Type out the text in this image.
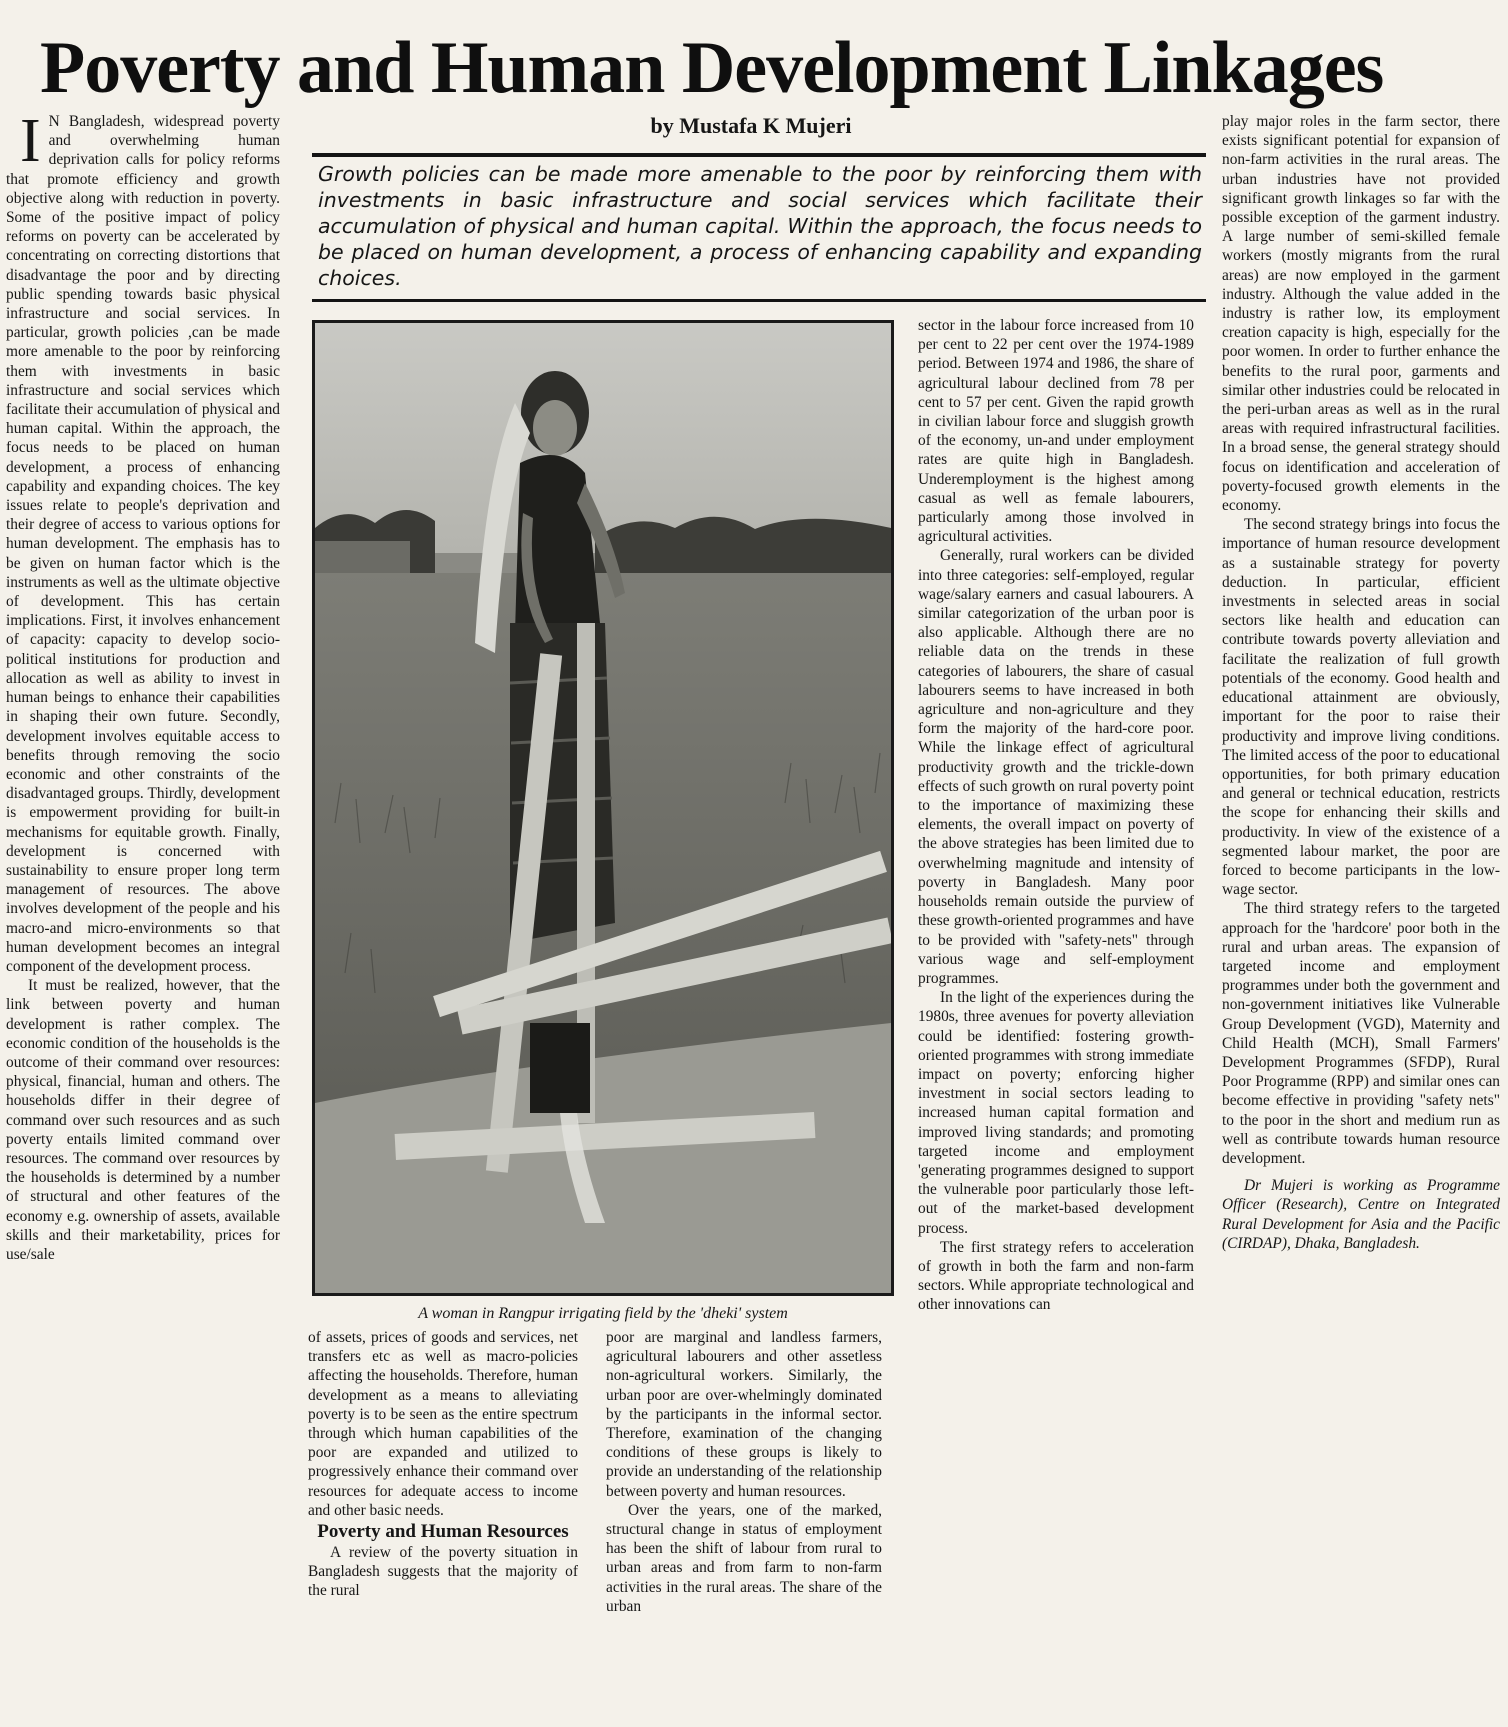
Poverty and Human Development Linkages
I N Bangladesh, widespread poverty and overwhelming human deprivation calls for policy reforms that promote efficiency and growth objective along with reduction in poverty. Some of the positive impact of policy reforms on poverty can be accelerated by concentrating on correcting distortions that disadvantage the poor and by directing public spending towards basic physical infrastructure and social services. In particular, growth policies ,can be made more amenable to the poor by reinforcing them with investments in basic infrastructure and social services which facilitate their accumulation of physical and human capital. Within the approach, the focus needs to be placed on human development, a process of enhancing capability and expanding choices. The key issues relate to people's deprivation and their degree of access to various options for human development. The emphasis has to be given on human factor which is the instruments as well as the ultimate objective of development. This has certain implications. First, it involves enhancement of capacity: capacity to develop socio-political institutions for production and allocation as well as ability to invest in human beings to enhance their capabilities in shaping their own future. Secondly, development involves equitable access to benefits through removing the socio economic and other constraints of the disadvantaged groups. Thirdly, development is empowerment providing for built-in mechanisms for equitable growth. Finally, development is concerned with sustainability to ensure proper long term management of resources. The above involves development of the people and his macro-and micro-environments so that human development becomes an integral component of the development process.

It must be realized, however, that the link between poverty and human development is rather complex. The economic condition of the households is the outcome of their command over resources: physical, financial, human and others. The households differ in their degree of command over such resources and as such poverty entails limited command over resources. The command over resources by the households is determined by a number of structural and other features of the economy e.g. ownership of assets, available skills and their marketability, prices for use/sale

by Mustafa K Mujeri
Growth policies can be made more amenable to the poor by reinforcing them with investments in basic infrastructure and social services which facilitate their accumulation of physical and human capital. Within the approach, the focus needs to be placed on human development, a process of enhancing capability and expanding choices.
A woman in Rangpur irrigating field by the 'dheki' system

of assets, prices of goods and services, net transfers etc as well as macro-policies affecting the households. Therefore, human development as a means to alleviating poverty is to be seen as the entire spectrum through which human capabilities of the poor are expanded and utilized to progressively enhance their command over resources for adequate access to income and other basic needs.

Poverty and Human Resources

A review of the poverty situation in Bangladesh suggests that the majority of the rural

poor are marginal and landless farmers, agricultural labourers and other assetless non-agricultural workers. Similarly, the urban poor are over-whelmingly dominated by the participants in the informal sector. Therefore, examination of the changing conditions of these groups is likely to provide an understanding of the relationship between poverty and human resources.

Over the years, one of the marked, structural change in status of employment has been the shift of labour from rural to urban areas and from farm to non-farm activities in the rural areas. The share of the urban

sector in the labour force increased from 10 per cent to 22 per cent over the 1974-1989 period. Between 1974 and 1986, the share of agricultural labour declined from 78 per cent to 57 per cent. Given the rapid growth in civilian labour force and sluggish growth of the economy, un-and under employment rates are quite high in Bangladesh. Underemployment is the highest among casual as well as female labourers, particularly among those involved in agricultural activities.

Generally, rural workers can be divided into three categories: self-employed, regular wage/salary earners and casual labourers. A similar categorization of the urban poor is also applicable. Although there are no reliable data on the trends in these categories of labourers, the share of casual labourers seems to have increased in both agriculture and non-agriculture and they form the majority of the hard-core poor. While the linkage effect of agricultural productivity growth and the trickle-down effects of such growth on rural poverty point to the importance of maximizing these elements, the overall impact on poverty of the above strategies has been limited due to overwhelming magnitude and intensity of poverty in Bangladesh. Many poor households remain outside the purview of these growth-oriented programmes and have to be provided with "safety-nets" through various wage and self-employment programmes.

In the light of the experiences during the 1980s, three avenues for poverty alleviation could be identified: fostering growth-oriented programmes with strong immediate impact on poverty; enforcing higher investment in social sectors leading to increased human capital formation and improved living standards; and promoting targeted income and employment 'generating programmes designed to support the vulnerable poor particularly those left-out of the market-based development process.

The first strategy refers to acceleration of growth in both the farm and non-farm sectors. While appropriate technological and other innovations can

play major roles in the farm sector, there exists significant potential for expansion of non-farm activities in the rural areas. The urban industries have not provided significant growth linkages so far with the possible exception of the garment industry. A large number of semi-skilled female workers (mostly migrants from the rural areas) are now employed in the garment industry. Although the value added in the industry is rather low, its employment creation capacity is high, especially for the poor women. In order to further enhance the benefits to the rural poor, garments and similar other industries could be relocated in the peri-urban areas as well as in the rural areas with required infrastructural facilities. In a broad sense, the general strategy should focus on identification and acceleration of poverty-focused growth elements in the economy.

The second strategy brings into focus the importance of human resource development as a sustainable strategy for poverty deduction. In particular, efficient investments in selected areas in social sectors like health and education can contribute towards poverty alleviation and facilitate the realization of full growth potentials of the economy. Good health and educational attainment are obviously, important for the poor to raise their productivity and improve living conditions. The limited access of the poor to educational opportunities, for both primary education and general or technical education, restricts the scope for enhancing their skills and productivity. In view of the existence of a segmented labour market, the poor are forced to become participants in the low-wage sector.

The third strategy refers to the targeted approach for the 'hardcore' poor both in the rural and urban areas. The expansion of targeted income and employment programmes under both the government and non-government initiatives like Vulnerable Group Development (VGD), Maternity and Child Health (MCH), Small Farmers' Development Programmes (SFDP), Rural Poor Programme (RPP) and similar ones can become effective in providing "safety nets" to the poor in the short and medium run as well as contribute towards human resource development.

Dr Mujeri is working as Programme Officer (Research), Centre on Integrated Rural Development for Asia and the Pacific (CIRDAP), Dhaka, Bangladesh.
